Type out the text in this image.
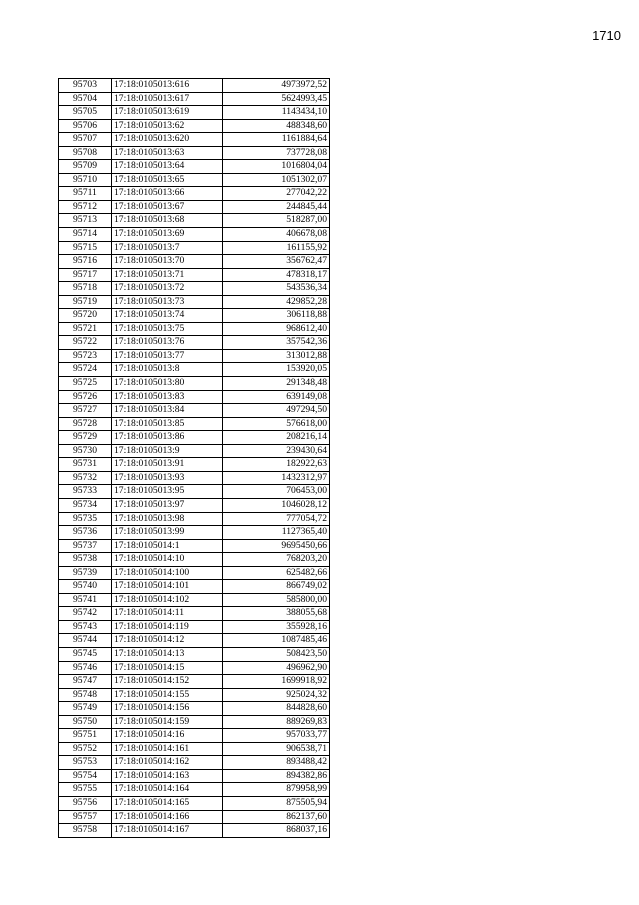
1710
95703	17:18:0105013:616	4973972,52
95704	17:18:0105013:617	5624993,45
95705	17:18:0105013:619	1143434,10
95706	17:18:0105013:62	488348,60
95707	17:18:0105013:620	1161884,64
95708	17:18:0105013:63	737728,08
95709	17:18:0105013:64	1016804,04
95710	17:18:0105013:65	1051302,07
95711	17:18:0105013:66	277042,22
95712	17:18:0105013:67	244845,44
95713	17:18:0105013:68	518287,00
95714	17:18:0105013:69	406678,08
95715	17:18:0105013:7	161155,92
95716	17:18:0105013:70	356762,47
95717	17:18:0105013:71	478318,17
95718	17:18:0105013:72	543536,34
95719	17:18:0105013:73	429852,28
95720	17:18:0105013:74	306118,88
95721	17:18:0105013:75	968612,40
95722	17:18:0105013:76	357542,36
95723	17:18:0105013:77	313012,88
95724	17:18:0105013:8	153920,05
95725	17:18:0105013:80	291348,48
95726	17:18:0105013:83	639149,08
95727	17:18:0105013:84	497294,50
95728	17:18:0105013:85	576618,00
95729	17:18:0105013:86	208216,14
95730	17:18:0105013:9	239430,64
95731	17:18:0105013:91	182922,63
95732	17:18:0105013:93	1432312,97
95733	17:18:0105013:95	706453,00
95734	17:18:0105013:97	1046028,12
95735	17:18:0105013:98	777054,72
95736	17:18:0105013:99	1127365,40
95737	17:18:0105014:1	9695450,66
95738	17:18:0105014:10	768203,20
95739	17:18:0105014:100	625482,66
95740	17:18:0105014:101	866749,02
95741	17:18:0105014:102	585800,00
95742	17:18:0105014:11	388055,68
95743	17:18:0105014:119	355928,16
95744	17:18:0105014:12	1087485,46
95745	17:18:0105014:13	508423,50
95746	17:18:0105014:15	496962,90
95747	17:18:0105014:152	1699918,92
95748	17:18:0105014:155	925024,32
95749	17:18:0105014:156	844828,60
95750	17:18:0105014:159	889269,83
95751	17:18:0105014:16	957033,77
95752	17:18:0105014:161	906538,71
95753	17:18:0105014:162	893488,42
95754	17:18:0105014:163	894382,86
95755	17:18:0105014:164	879958,99
95756	17:18:0105014:165	875505,94
95757	17:18:0105014:166	862137,60
95758	17:18:0105014:167	868037,16
